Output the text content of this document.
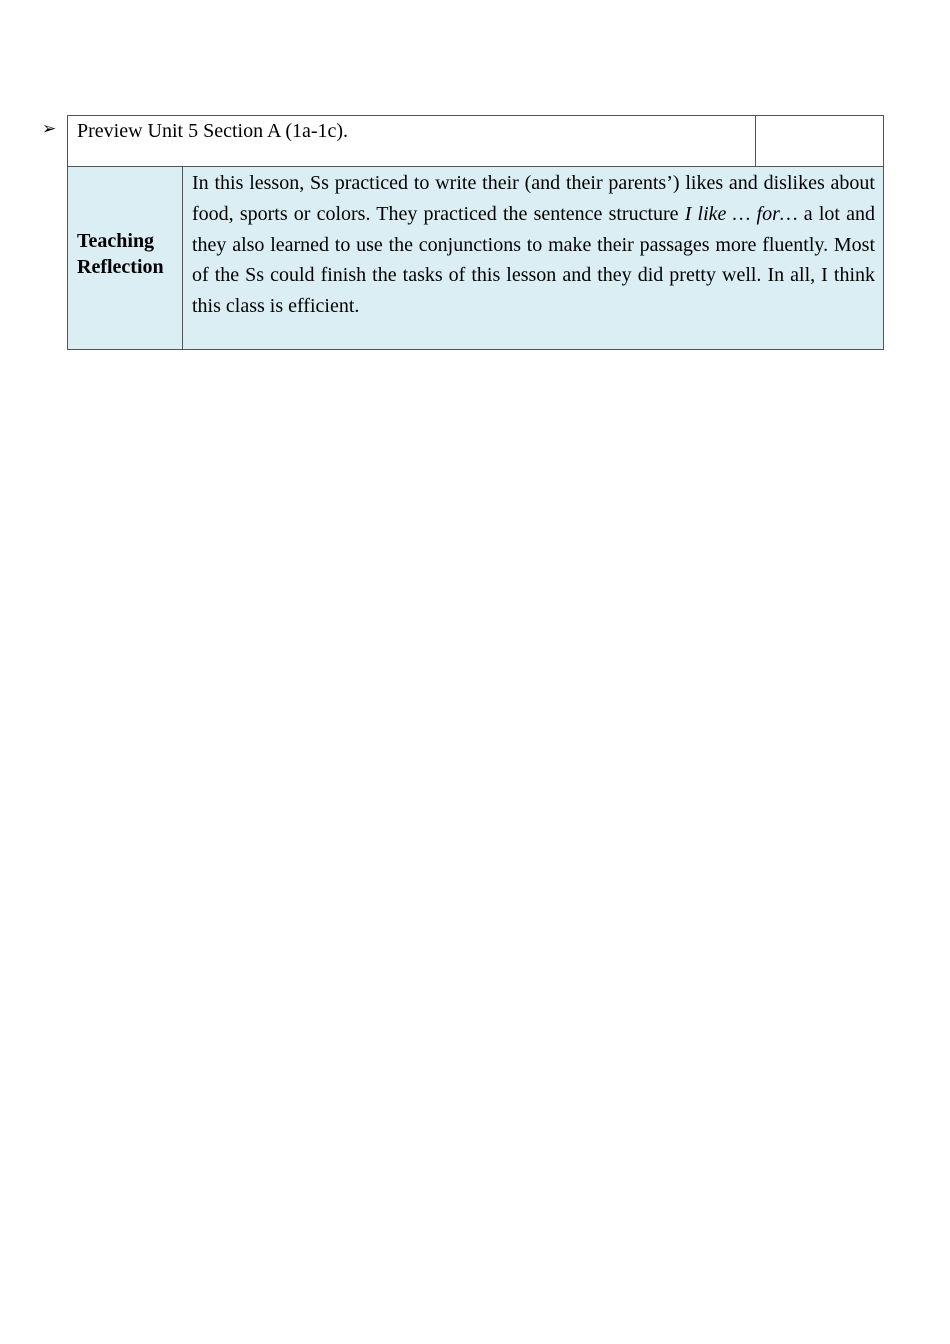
➢	Preview Unit 5 Section A (1a-1c).		

Teaching
Reflection	In this lesson, Ss practiced to write their (and their parents’) likes and dislikes about food, sports or colors. They practiced the sentence structure I like … for… a lot and they also learned to use the conjunctions to make their passages more fluently. Most of the Ss could finish the tasks of this lesson and they did pretty well. In all, I think this class is efficient.	
